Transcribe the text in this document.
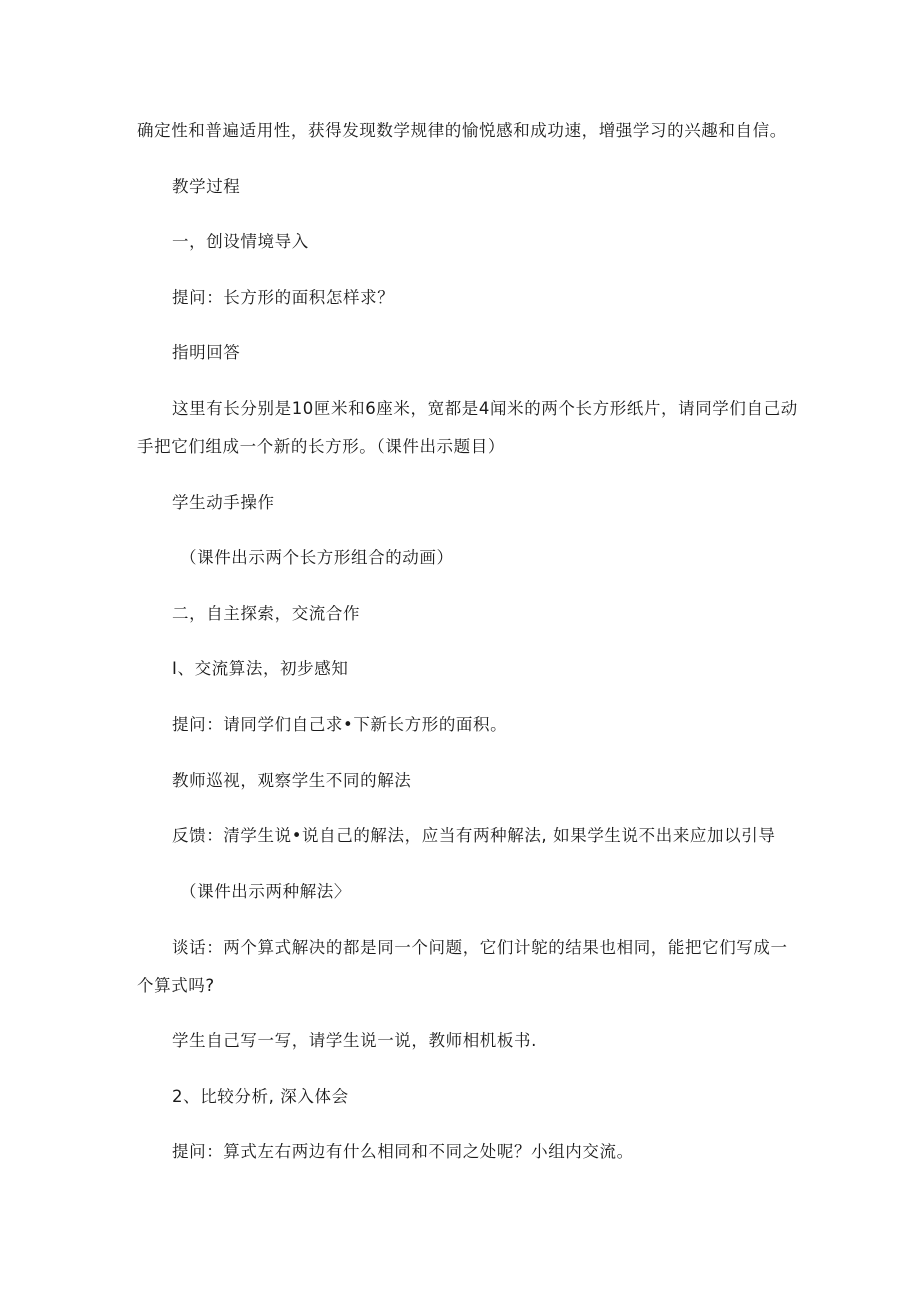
确定性和普遍适用性，获得发现数学规律的愉悦感和成功速，增强学习的兴趣和自信。
教学过程
一，创设情境导入
提问：长方形的面积怎样求？
指明回答
这里有长分别是10匣米和6座米，宽都是4闻米的两个长方形纸片，请同学们自己动
手把它们组成一个新的长方形。（课件出示题目）
学生动手操作
（课件出示两个长方形组合的动画）
二，自主探索，交流合作
I、交流算法，初步感知
提问：请同学们自己求•下新长方形的面积。
教师巡视，观察学生不同的解法
反馈：清学生说•说自己的解法，应当有两种解法, 如果学生说不出来应加以引导
（课件出示两种解法〉
谈话：两个算式解决的都是同一个问题，它们计鸵的结果也相同，能把它们写成一
个算式吗?
学生自己写一写，请学生说一说，教师相机板书.
2、比较分析, 深入体会
提问：算式左右两边有什么相同和不同之处呢？小组内交流。
